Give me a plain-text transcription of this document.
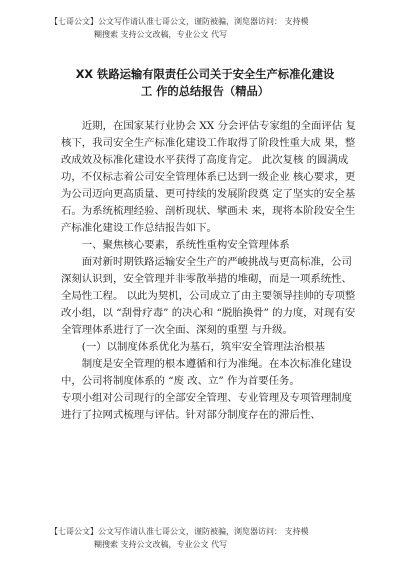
【七哥公文】公文写作请认准七哥公文，谨防被骗，浏览器访问： 支持模
糊搜索 支持公文改稿，专业公文 代写
XX 铁路运输有限责任公司关于安全生产标准化建设
工 作的总结报告（精品）

近期，在国家某行业协会 XX 分会评估专家组的全面评估 复核下，我司安全生产标准化建设工作取得了阶段性重大成 果，整改成效及标准化建设水平获得了高度肯定。 此次复核 的圆满成功，不仅标志着公司安全管理体系已达到一级企业 核心要求，更为公司迈向更高质量、更可持续的发展阶段奠 定了坚实的安全基石。为系统梳理经验、剖析现状、擘画未 来，现将本阶段安全生产标准化建设工作总结报告如下。

一、聚焦核心要素，系统性重构安全管理体系

面对新时期铁路运输安全生产的严峻挑战与更高标准，公司深刻认识到，安全管理并非零散举措的堆砌，而是一项系统性、全局性工程。 以此为契机，公司成立了由主要领导挂帅的专项整改小组，以 “刮骨疗毒” 的决心和 “脱胎换骨” 的力度，对现有安全管理体系进行了一次全面、深刻的重塑 与升级。

(一）以制度体系优化为基石，筑牢安全管理法治根基

制度是安全管理的根本遵循和行为准绳。在本次标准化建设中，公司将制度体系的 “废 改、立” 作为首要任务。

专项小组对公司现行的全部安全管理、专业管理及专项管理制度进行了拉网式梳理与评估。针对部分制度存在的滞后性、

【七哥公文】公文写作请认准七哥公文，谨防被骗，浏览器访问： 支持模
糊搜索 支持公文改稿，专业公文 代写
